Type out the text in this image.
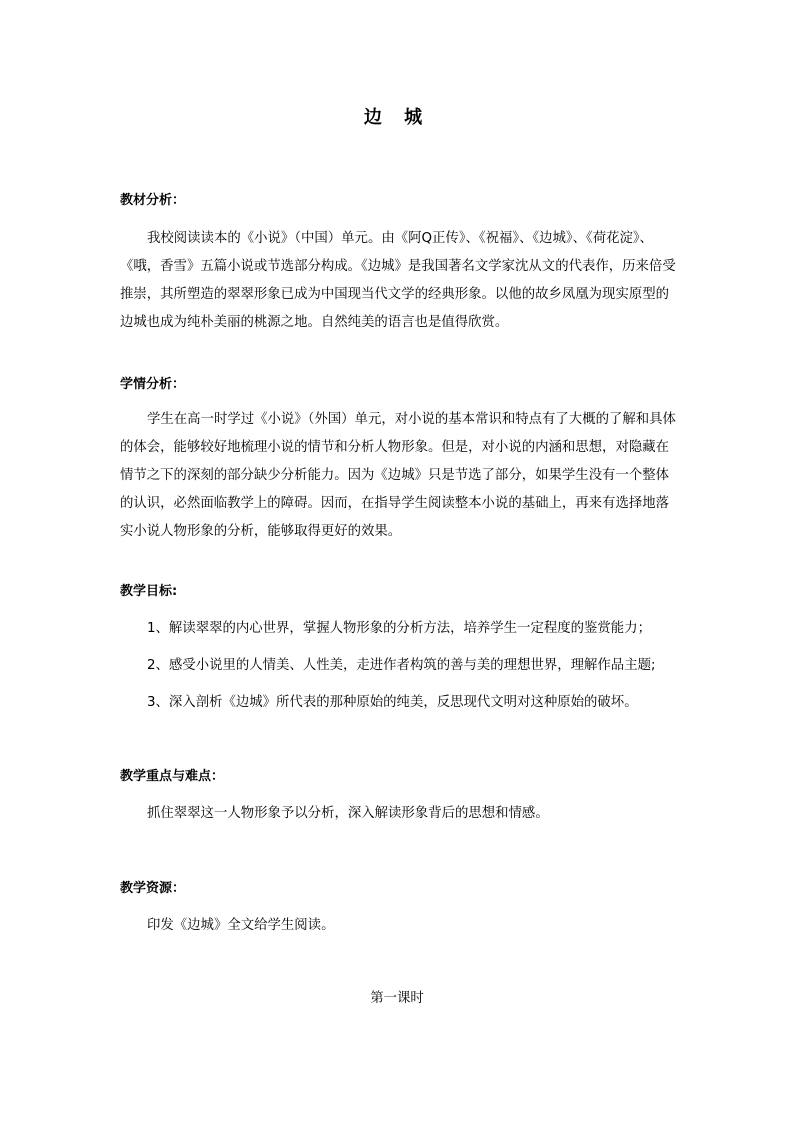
边 城
教材分析：

我校阅读读本的《小说》（中国）单元。由《阿Q正传》、《祝福》、《边城》、《荷花淀》、《哦，香雪》五篇小说或节选部分构成。《边城》是我国著名文学家沈从文的代表作，历来倍受推崇，其所塑造的翠翠形象已成为中国现当代文学的经典形象。以他的故乡凤凰为现实原型的边城也成为纯朴美丽的桃源之地。自然纯美的语言也是值得欣赏。

学情分析：

学生在高一时学过《小说》（外国）单元，对小说的基本常识和特点有了大概的了解和具体的体会，能够较好地梳理小说的情节和分析人物形象。但是，对小说的内涵和思想，对隐藏在情节之下的深刻的部分缺少分析能力。因为《边城》只是节选了部分，如果学生没有一个整体的认识，必然面临教学上的障碍。因而，在指导学生阅读整本小说的基础上，再来有选择地落实小说人物形象的分析，能够取得更好的效果。

教学目标:
1、解读翠翠的内心世界，掌握人物形象的分析方法，培养学生一定程度的鉴赏能力；
2、感受小说里的人情美、人性美，走进作者构筑的善与美的理想世界，理解作品主题;
3、深入剖析《边城》所代表的那种原始的纯美，反思现代文明对这种原始的破坏。
教学重点与难点：
抓住翠翠这一人物形象予以分析，深入解读形象背后的思想和情感。
教学资源：
印发《边城》全文给学生阅读。
第一课时
